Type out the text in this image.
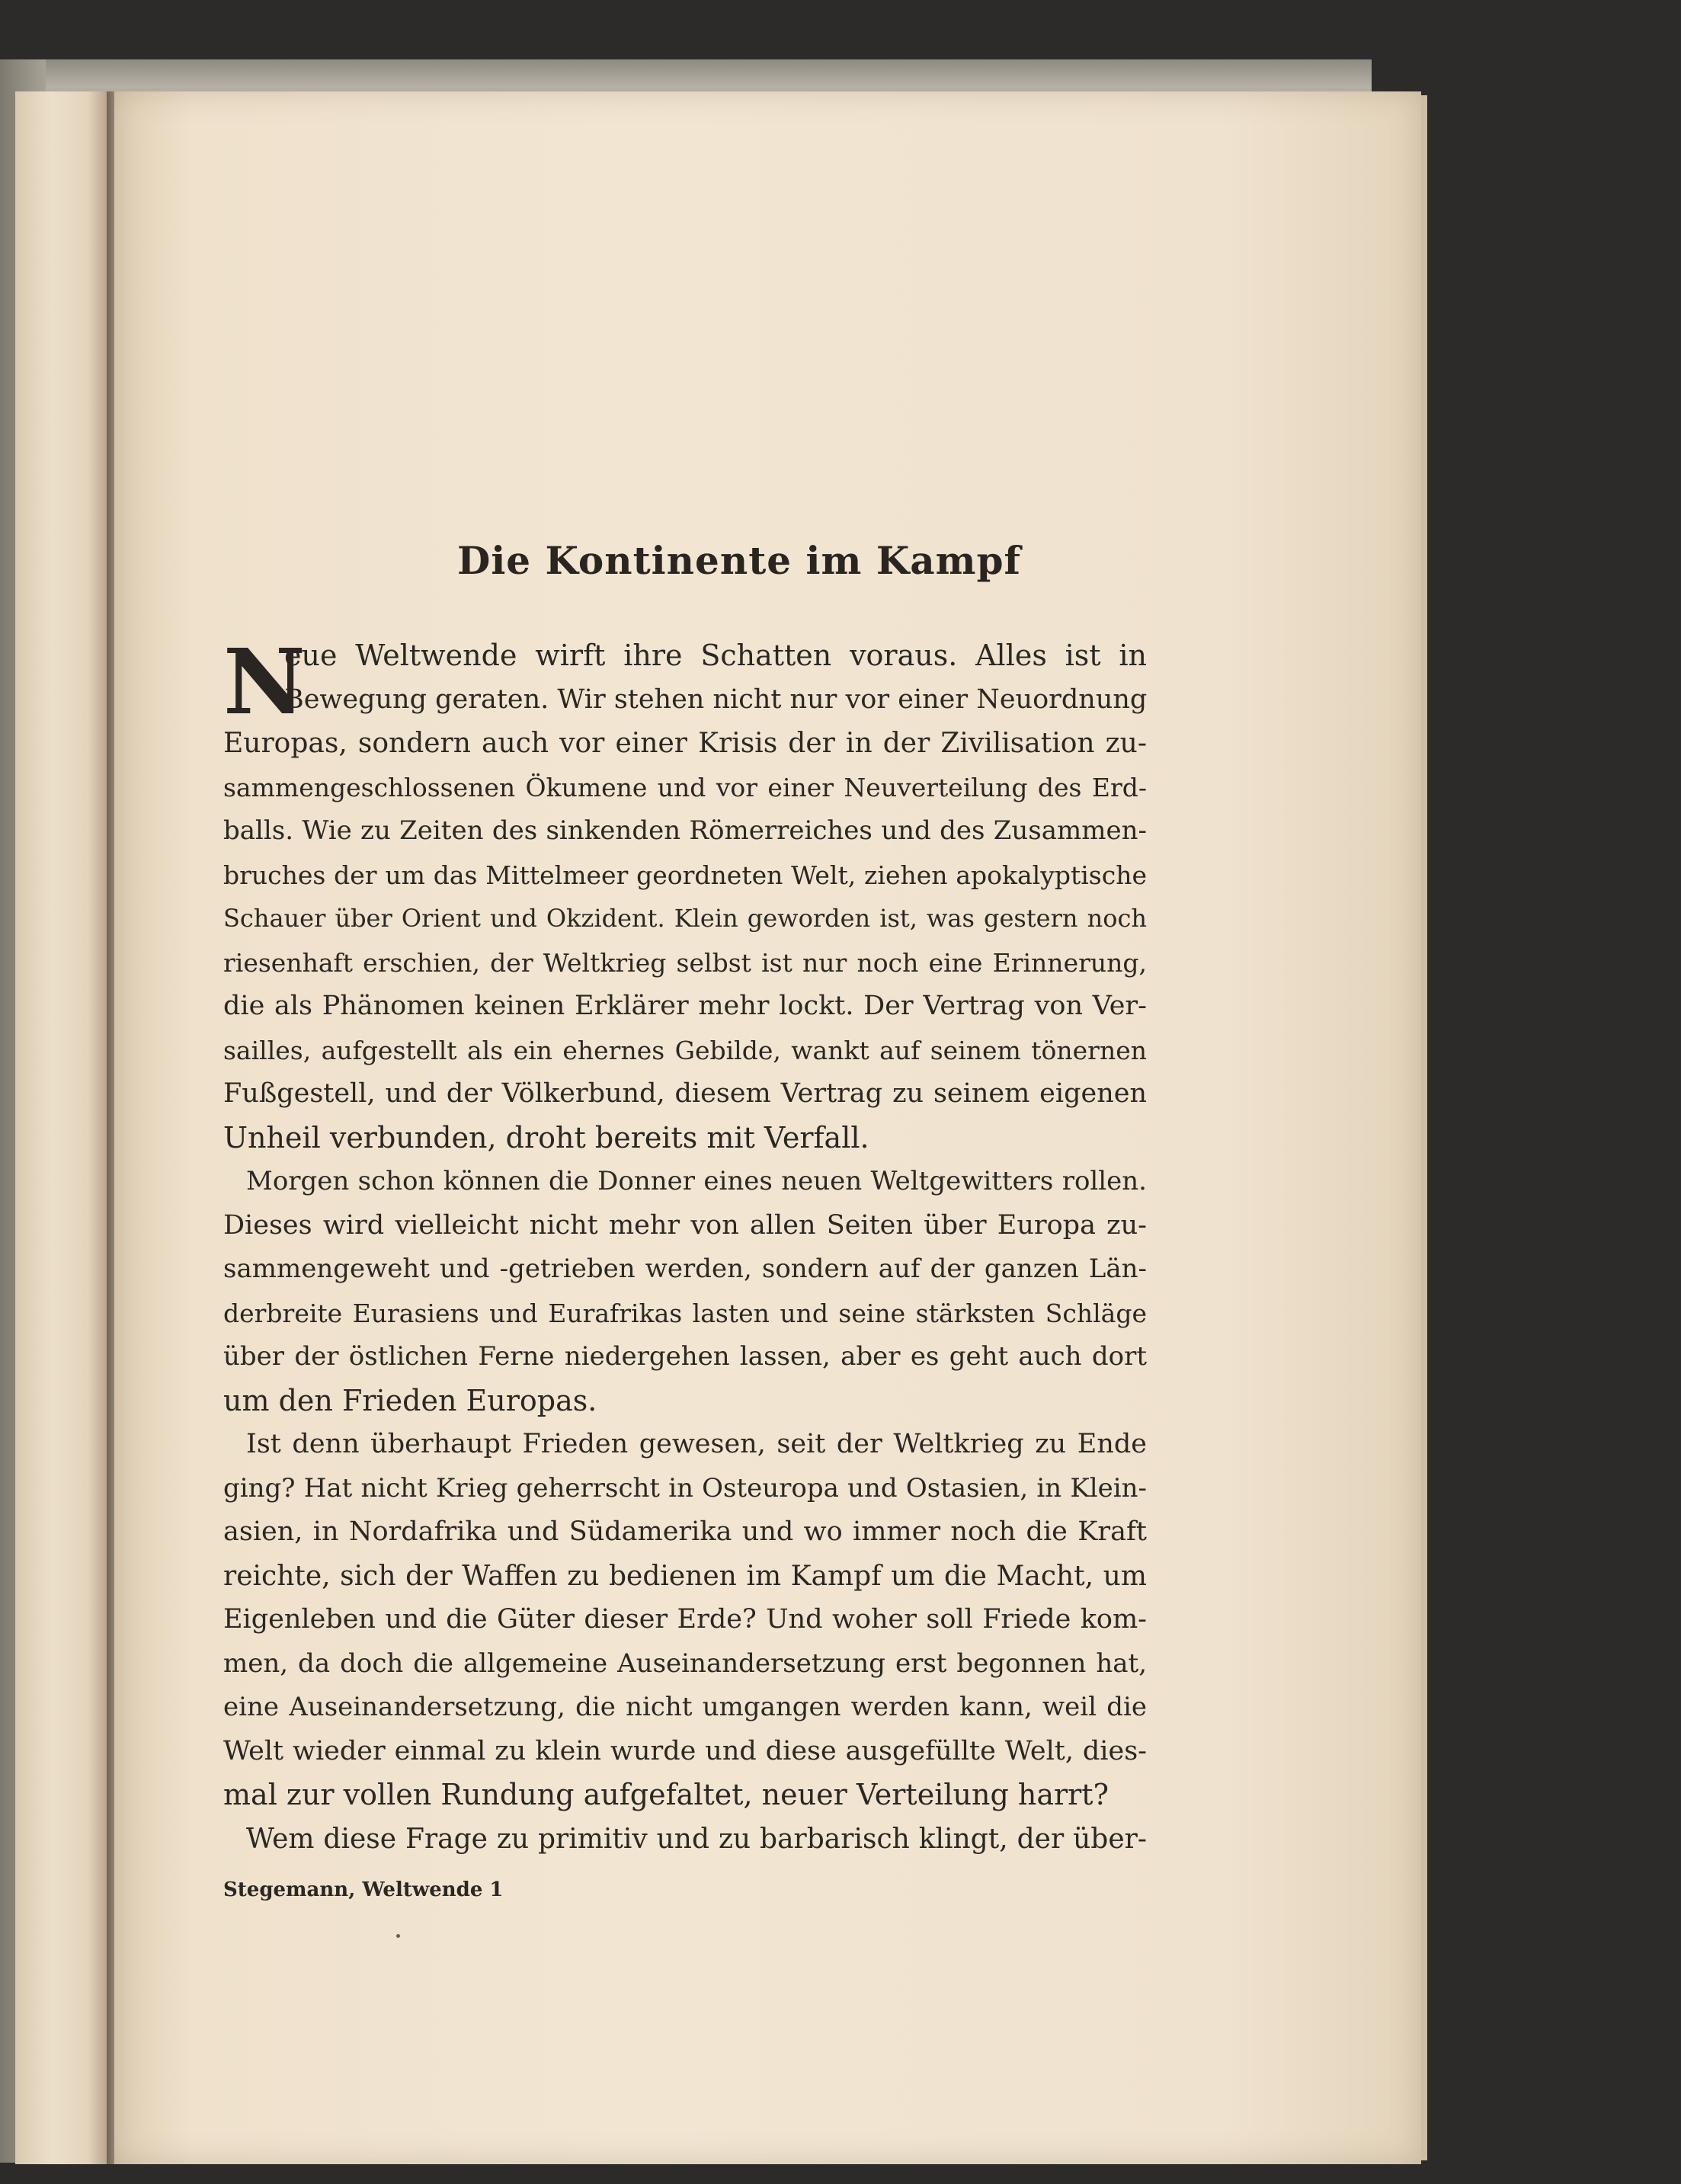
Die Kontinente im Kampf
N
eue Weltwende wirft ihre Schatten voraus. Alles ist in
Bewegung geraten. Wir stehen nicht nur vor einer Neuordnung
Europas, sondern auch vor einer Krisis der in der Zivilisation zu-
sammengeschlossenen Ökumene und vor einer Neuverteilung des Erd-
balls. Wie zu Zeiten des sinkenden Römerreiches und des Zusammen-
bruches der um das Mittelmeer geordneten Welt, ziehen apokalyptische
Schauer über Orient und Okzident. Klein geworden ist, was gestern noch
riesenhaft erschien, der Weltkrieg selbst ist nur noch eine Erinnerung,
die als Phänomen keinen Erklärer mehr lockt. Der Vertrag von Ver-
sailles, aufgestellt als ein ehernes Gebilde, wankt auf seinem tönernen
Fußgestell, und der Völkerbund, diesem Vertrag zu seinem eigenen
Unheil verbunden, droht bereits mit Verfall.
Morgen schon können die Donner eines neuen Weltgewitters rollen.
Dieses wird vielleicht nicht mehr von allen Seiten über Europa zu-
sammengeweht und -getrieben werden, sondern auf der ganzen Län-
derbreite Eurasiens und Eurafrikas lasten und seine stärksten Schläge
über der östlichen Ferne niedergehen lassen, aber es geht auch dort
um den Frieden Europas.
Ist denn überhaupt Frieden gewesen, seit der Weltkrieg zu Ende
ging? Hat nicht Krieg geherrscht in Osteuropa und Ostasien, in Klein-
asien, in Nordafrika und Südamerika und wo immer noch die Kraft
reichte, sich der Waffen zu bedienen im Kampf um die Macht, um
Eigenleben und die Güter dieser Erde? Und woher soll Friede kom-
men, da doch die allgemeine Auseinandersetzung erst begonnen hat,
eine Auseinandersetzung, die nicht umgangen werden kann, weil die
Welt wieder einmal zu klein wurde und diese ausgefüllte Welt, dies-
mal zur vollen Rundung aufgefaltet, neuer Verteilung harrt?
Wem diese Frage zu primitiv und zu barbarisch klingt, der über-
Stegemann, Weltwende 1
